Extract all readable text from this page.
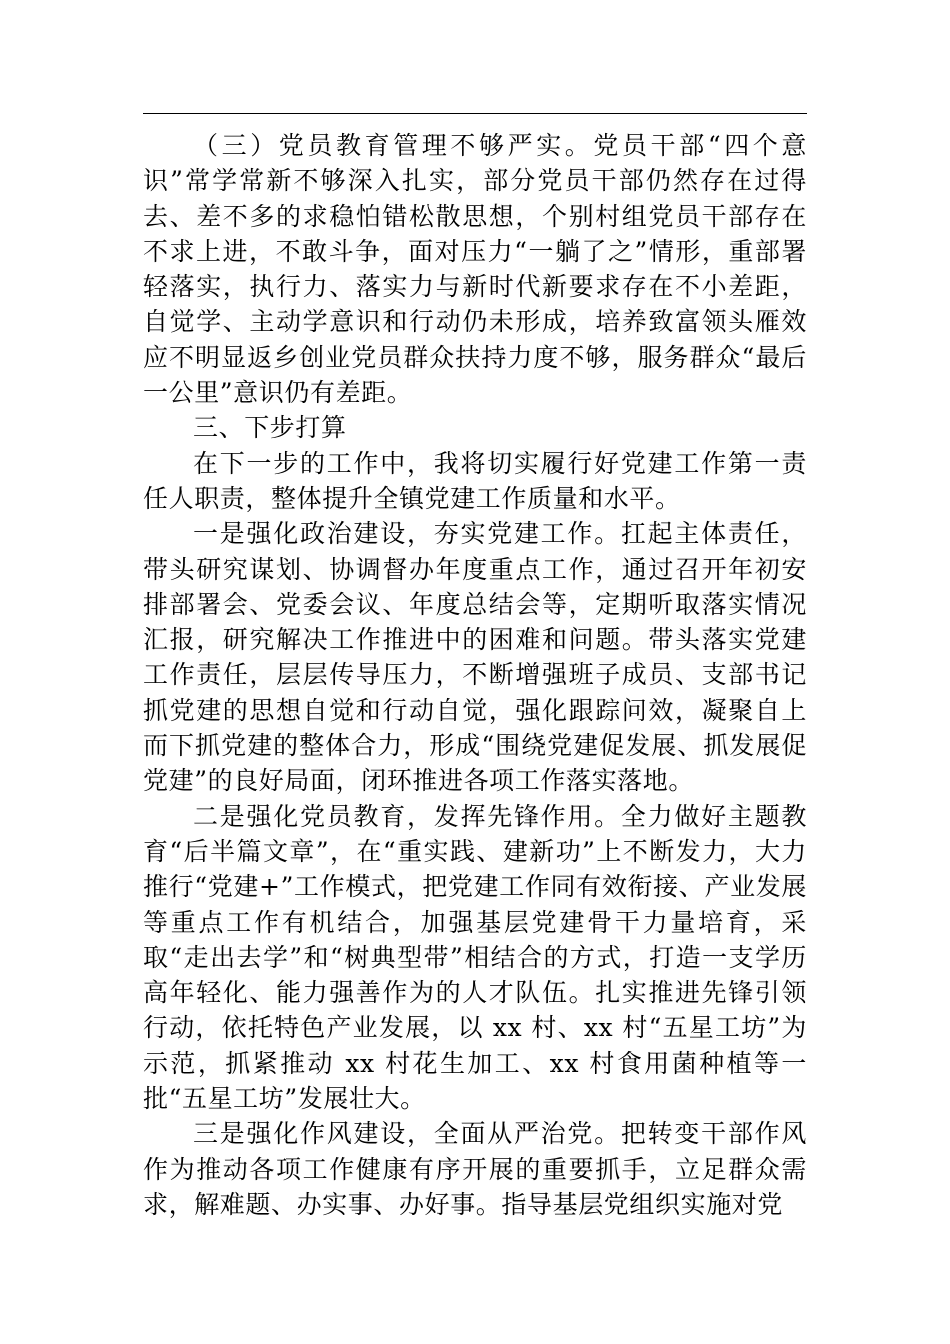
（三）党员教育管理不够严实。党员干部“四个意识”常学常新不够深入扎实，部分党员干部仍然存在过得去、差不多的求稳怕错松散思想，个别村组党员干部存在不求上进，不敢斗争，面对压力“一躺了之”情形，重部署轻落实，执行力、落实力与新时代新要求存在不小差距，自觉学、主动学意识和行动仍未形成，培养致富领头雁效应不明显返乡创业党员群众扶持力度不够，服务群众“最后一公里”意识仍有差距。

三、下步打算

在下一步的工作中，我将切实履行好党建工作第一责任人职责，整体提升全镇党建工作质量和水平。

一是强化政治建设，夯实党建工作。扛起主体责任，带头研究谋划、协调督办年度重点工作，通过召开年初安排部署会、党委会议、年度总结会等，定期听取落实情况汇报，研究解决工作推进中的困难和问题。带头落实党建工作责任，层层传导压力，不断增强班子成员、支部书记抓党建的思想自觉和行动自觉，强化跟踪问效，凝聚自上而下抓党建的整体合力，形成“围绕党建促发展、抓发展促党建”的良好局面，闭环推进各项工作落实落地。

二是强化党员教育，发挥先锋作用。全力做好主题教育“后半篇文章”，在“重实践、建新功”上不断发力，大力推行“党建+”工作模式，把党建工作同有效衔接、产业发展等重点工作有机结合，加强基层党建骨干力量培育，采取“走出去学”和“树典型带”相结合的方式，打造一支学历高年轻化、能力强善作为的人才队伍。扎实推进先锋引领行动，依托特色产业发展，以 xx 村、xx 村“五星工坊”为示范，抓紧推动 xx 村花生加工、xx 村食用菌种植等一批“五星工坊”发展壮大。

三是强化作风建设，全面从严治党。把转变干部作风作为推动各项工作健康有序开展的重要抓手，立足群众需求，解难题、办实事、办好事。指导基层党组织实施对党
